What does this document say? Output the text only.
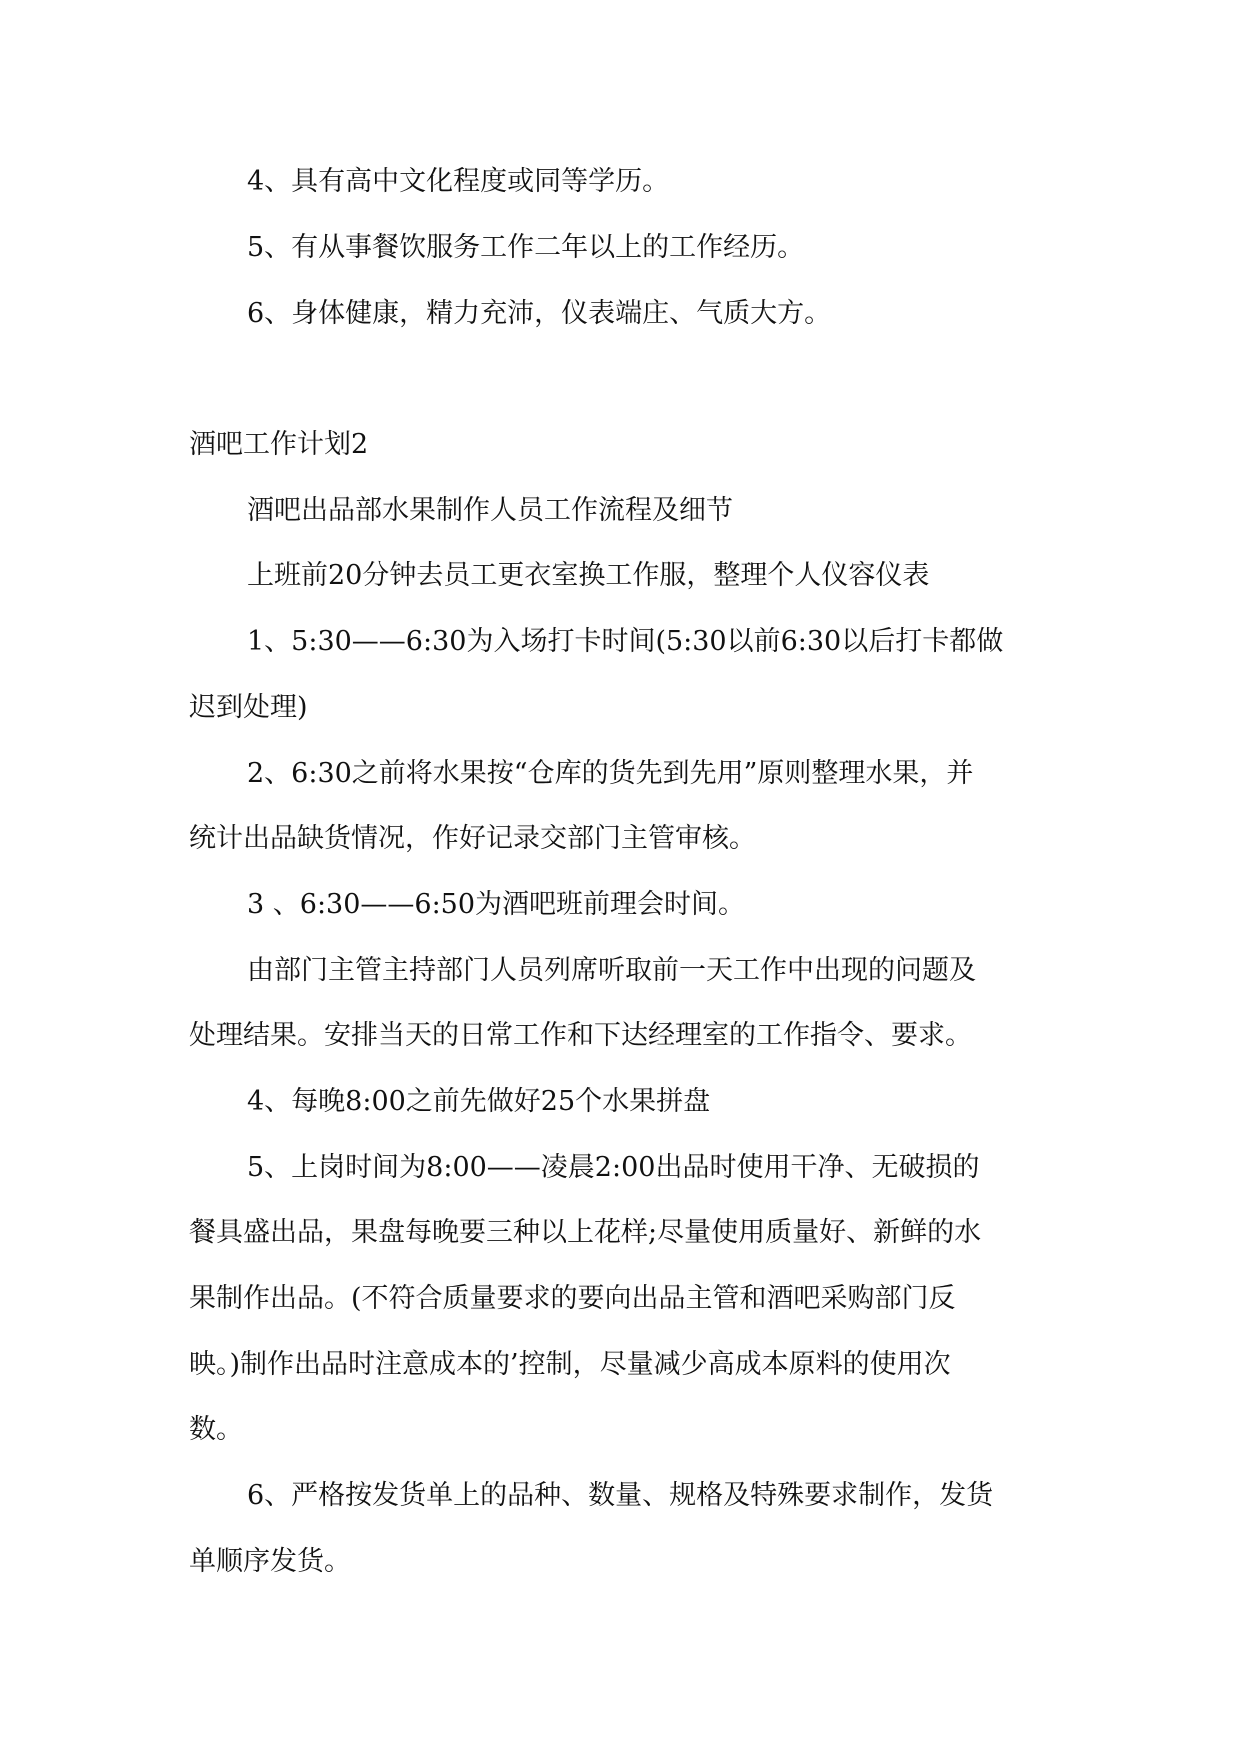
4、具有高中文化程度或同等学历。
5、有从事餐饮服务工作二年以上的工作经历。
6、身体健康，精力充沛，仪表端庄、气质大方。
酒吧工作计划2
酒吧出品部水果制作人员工作流程及细节
上班前20分钟去员工更衣室换工作服，整理个人仪容仪表
1、5:30——6:30为入场打卡时间(5:30以前6:30以后打卡都做
迟到处理)
2、6:30之前将水果按“仓库的货先到先用”原则整理水果，并
统计出品缺货情况，作好记录交部门主管审核。
3 、6:30——6:50为酒吧班前理会时间。
由部门主管主持部门人员列席听取前一天工作中出现的问题及
处理结果。安排当天的日常工作和下达经理室的工作指令、要求。
4、每晚8:00之前先做好25个水果拼盘
5、上岗时间为8:00——凌晨2:00出品时使用干净、无破损的
餐具盛出品，果盘每晚要三种以上花样;尽量使用质量好、新鲜的水
果制作出品。(不符合质量要求的要向出品主管和酒吧采购部门反
映。)制作出品时注意成本的’控制，尽量减少高成本原料的使用次
数。
6、严格按发货单上的品种、数量、规格及特殊要求制作，发货
单顺序发货。
